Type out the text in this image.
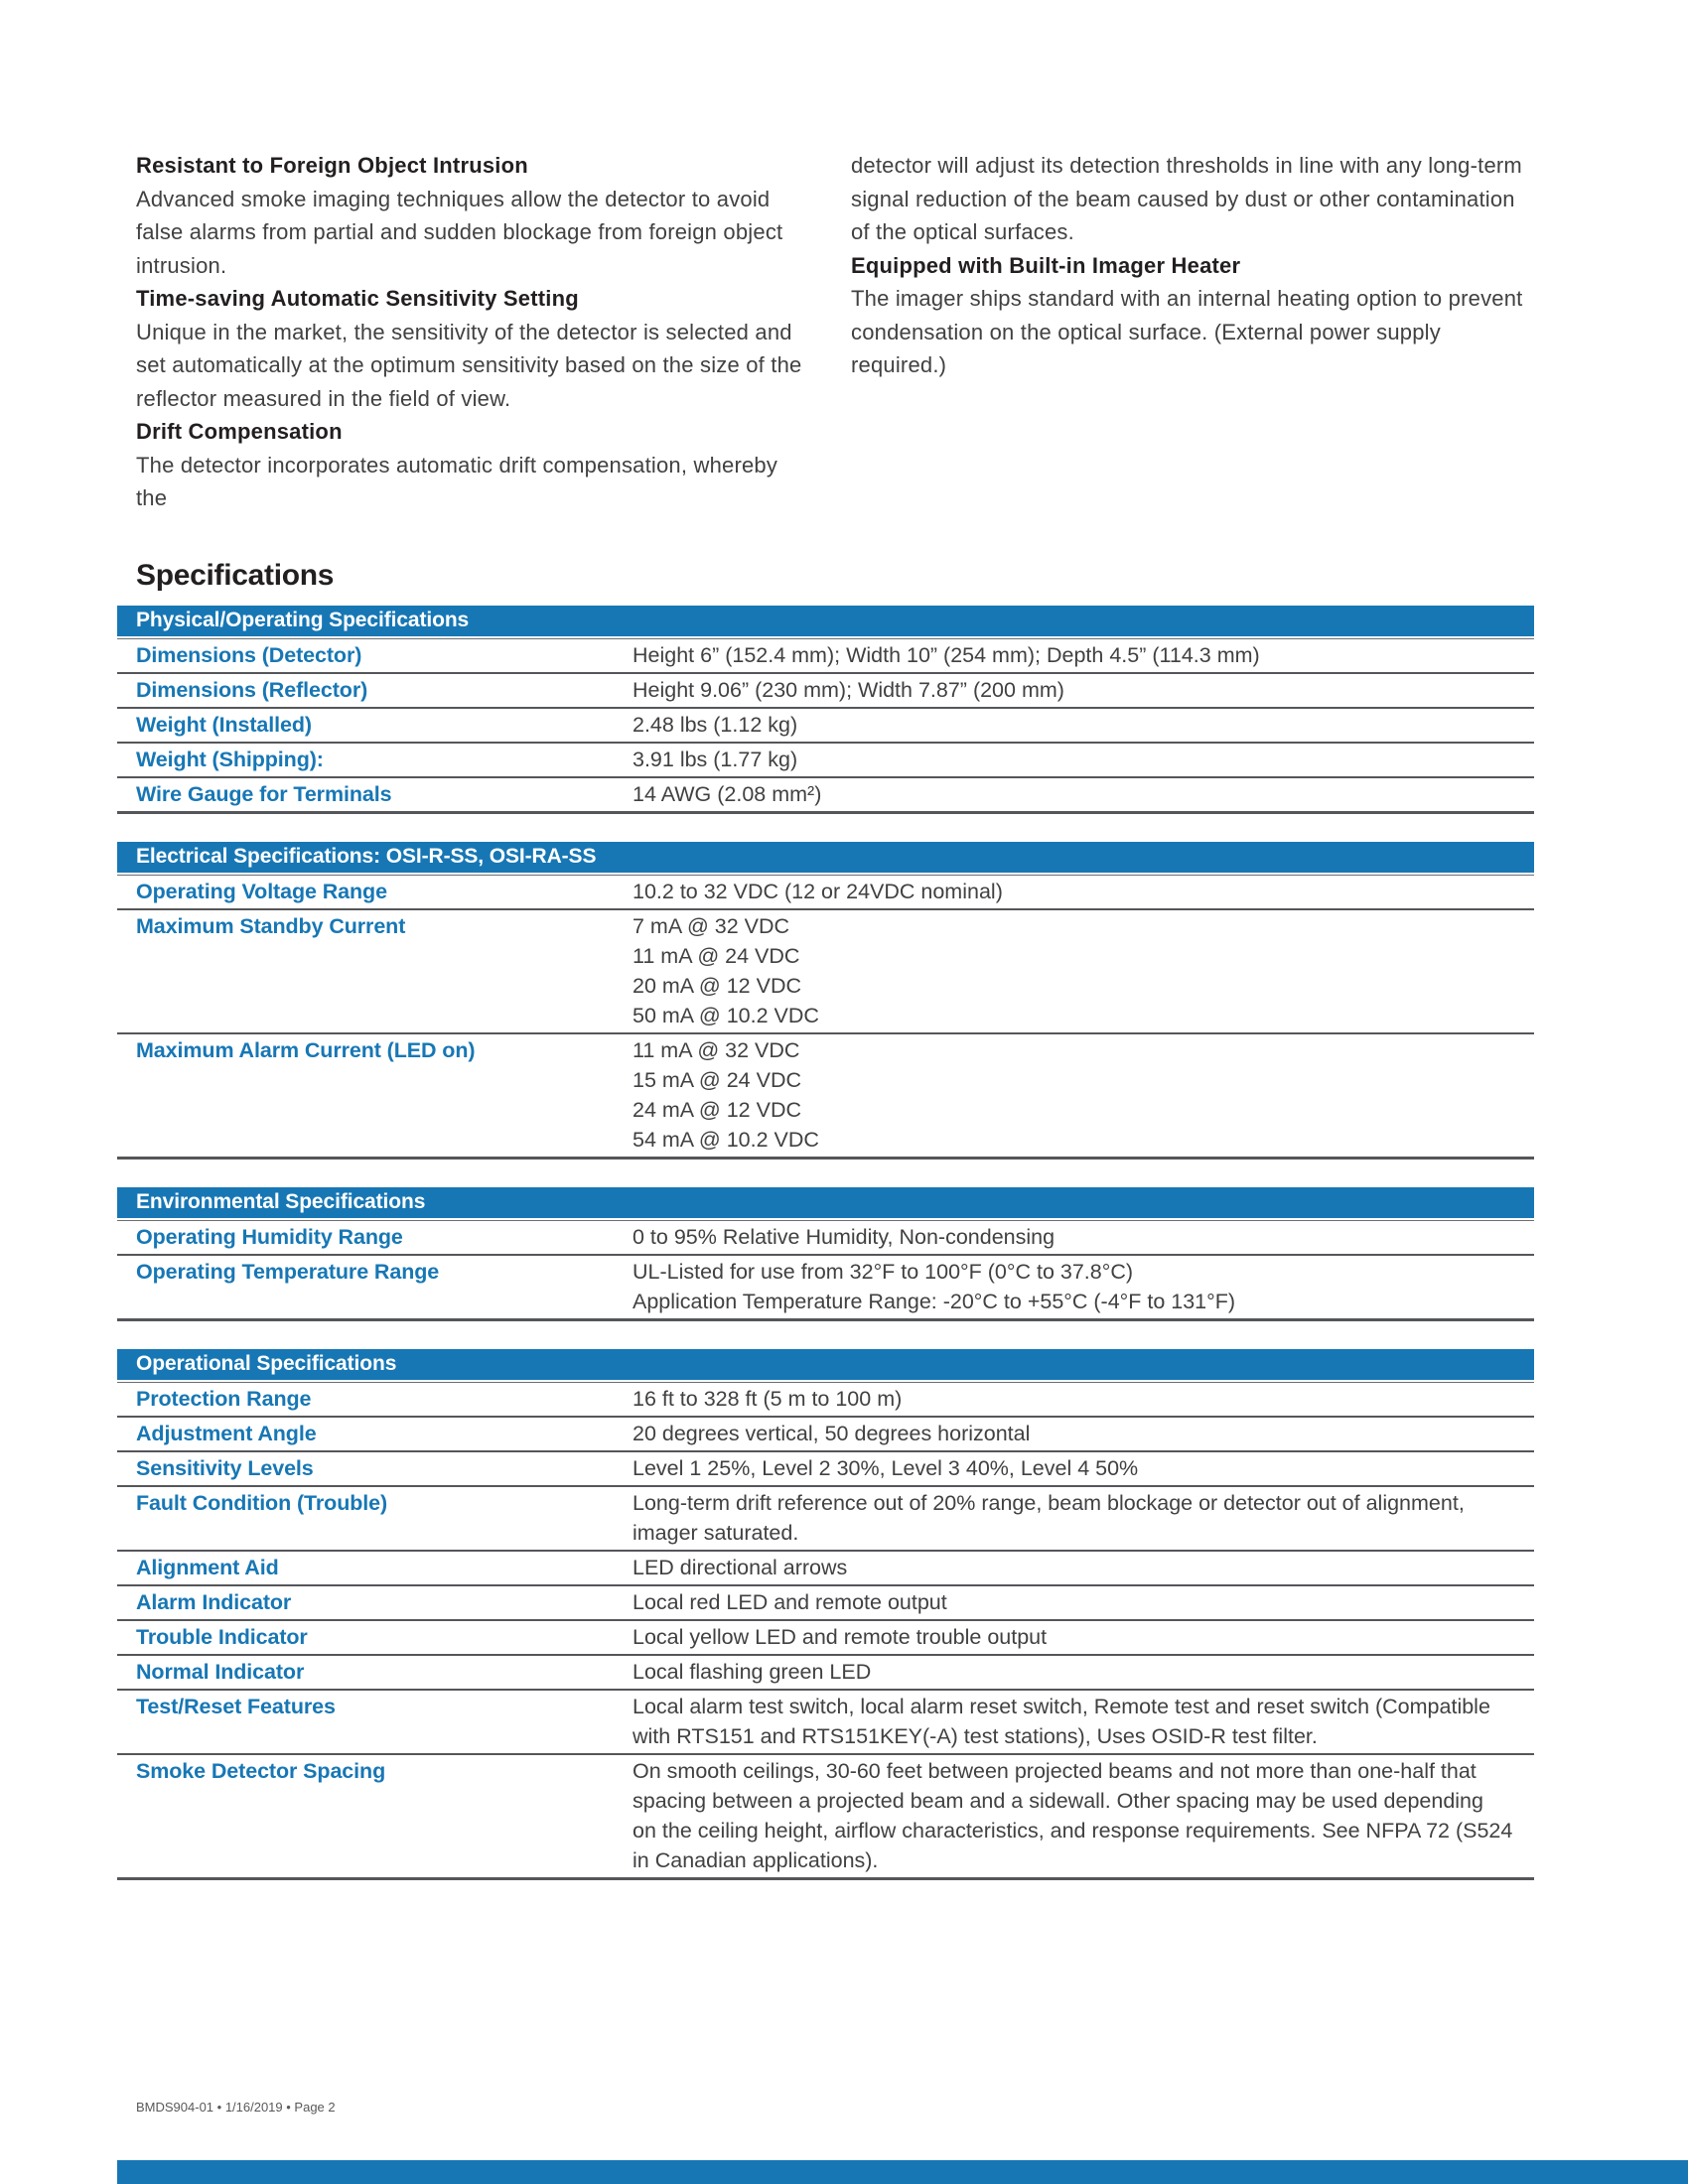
Resistant to Foreign Object Intrusion

Advanced smoke imaging techniques allow the detector to avoid false alarms from partial and sudden blockage from foreign object intrusion.

Time-saving Automatic Sensitivity Setting

Unique in the market, the sensitivity of the detector is selected and set automatically at the optimum sensitivity based on the size of the reflector measured in the field of view.

Drift Compensation

The detector incorporates automatic drift compensation, whereby the

detector will adjust its detection thresholds in line with any long-term signal reduction of the beam caused by dust or other contamination of the optical surfaces.

Equipped with Built-in Imager Heater

The imager ships standard with an internal heating option to prevent condensation on the optical surface. (External power supply required.)

Specifications
Physical/Operating Specifications
Dimensions (Detector)	Height 6” (152.4 mm); Width 10” (254 mm); Depth 4.5” (114.3 mm)
Dimensions (Reflector)	Height 9.06” (230 mm); Width 7.87” (200 mm)
Weight (Installed)	2.48 lbs (1.12 kg)
Weight (Shipping):	3.91 lbs (1.77 kg)
Wire Gauge for Terminals	14 AWG (2.08 mm²)
Electrical Specifications: OSI-R-SS, OSI-RA-SS
Operating Voltage Range	10.2 to 32 VDC (12 or 24VDC nominal)
Maximum Standby Current	7 mA @ 32 VDC
11 mA @ 24 VDC
20 mA @ 12 VDC
50 mA @ 10.2 VDC
Maximum Alarm Current (LED on)	11 mA @ 32 VDC
15 mA @ 24 VDC
24 mA @ 12 VDC
54 mA @ 10.2 VDC
Environmental Specifications
Operating Humidity Range	0 to 95% Relative Humidity, Non-condensing
Operating Temperature Range	UL-Listed for use from 32°F to 100°F (0°C to 37.8°C)
Application Temperature Range: -20°C to +55°C (-4°F to 131°F)
Operational Specifications
Protection Range	16 ft to 328 ft (5 m to 100 m)
Adjustment Angle	20 degrees vertical, 50 degrees horizontal
Sensitivity Levels	Level 1 25%, Level 2 30%, Level 3 40%, Level 4 50%
Fault Condition (Trouble)	Long-term drift reference out of 20% range, beam blockage or detector out of alignment,
imager saturated.
Alignment Aid	LED directional arrows
Alarm Indicator	Local red LED and remote output
Trouble Indicator	Local yellow LED and remote trouble output
Normal Indicator	Local flashing green LED
Test/Reset Features	Local alarm test switch, local alarm reset switch, Remote test and reset switch (Compatible
with RTS151 and RTS151KEY(-A) test stations), Uses OSID-R test filter.
Smoke Detector Spacing	On smooth ceilings, 30-60 feet between projected beams and not more than one-half that
spacing between a projected beam and a sidewall. Other spacing may be used depending
on the ceiling height, airflow characteristics, and response requirements. See NFPA 72 (S524
in Canadian applications).
BMDS904-01 • 1/16/2019 • Page 2
